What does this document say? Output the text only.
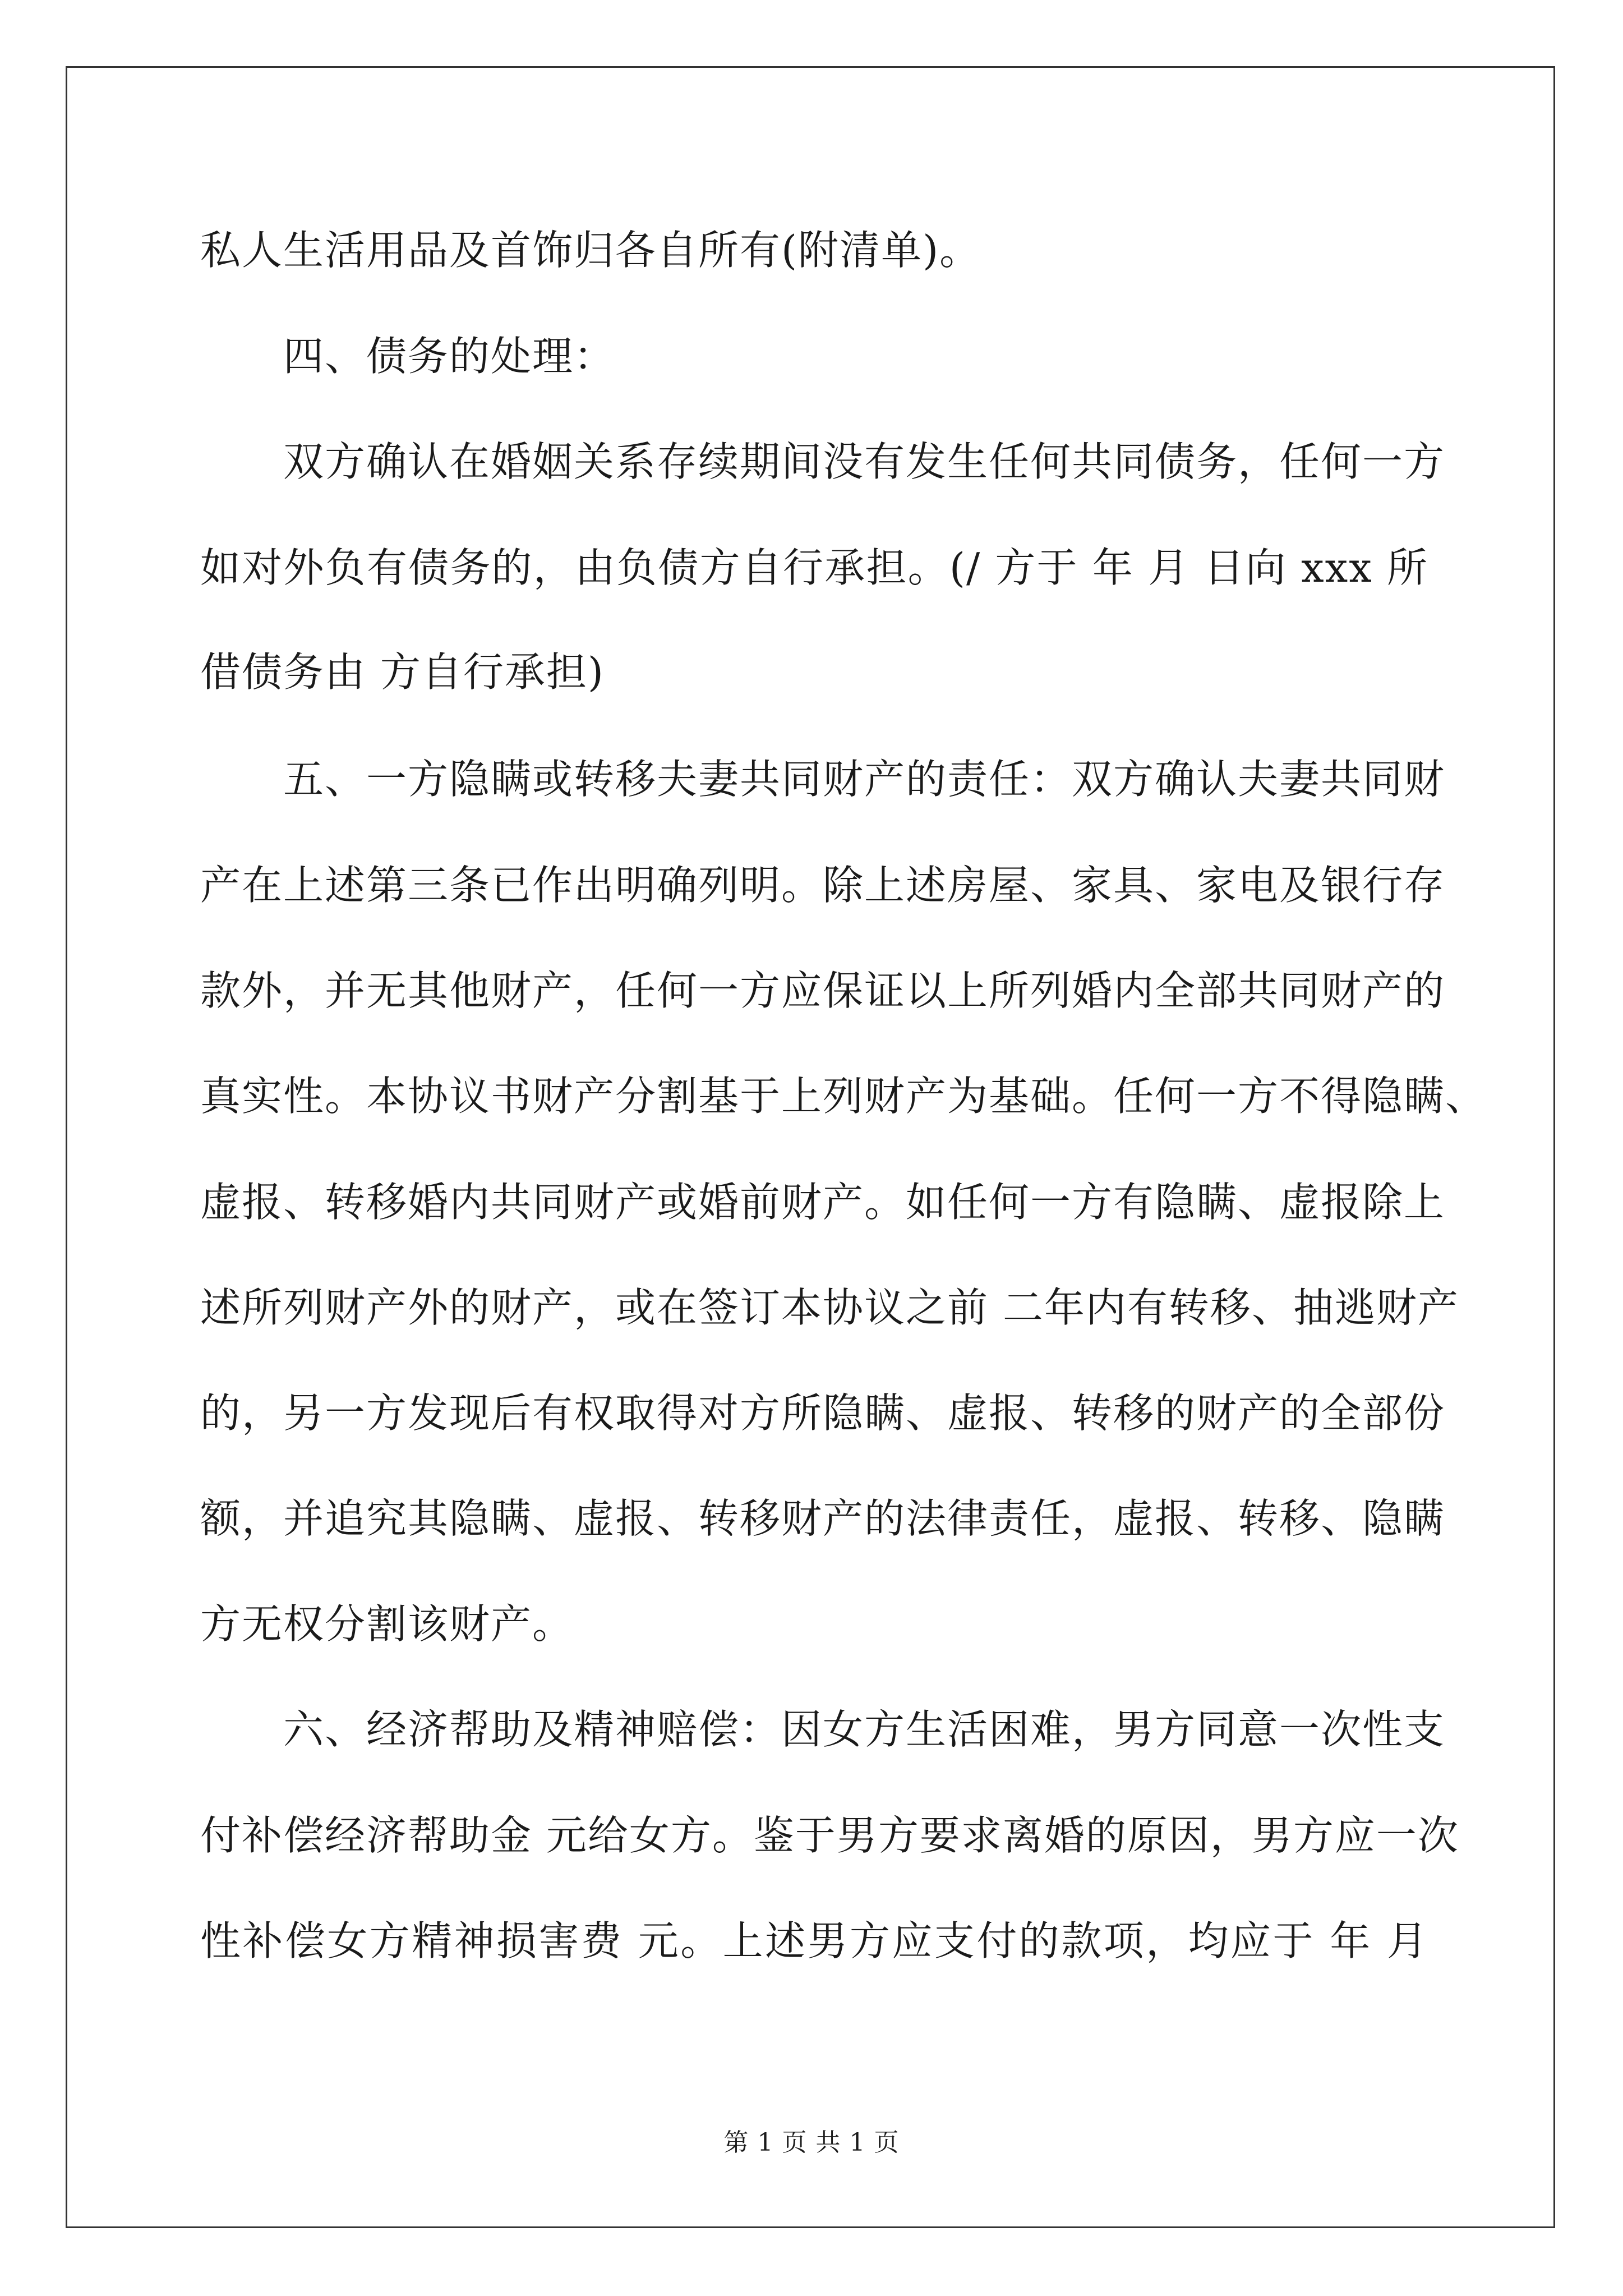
私人生活用品及首饰归各自所有(附清单)。
四、债务的处理：
双方确认在婚姻关系存续期间没有发生任何共同债务，任何一方
如对外负有债务的，由负债方自行承担。(/ 方于 年 月 日向 xxx 所
借债务由 方自行承担)
五、一方隐瞒或转移夫妻共同财产的责任：双方确认夫妻共同财
产在上述第三条已作出明确列明。除上述房屋、家具、家电及银行存
款外，并无其他财产，任何一方应保证以上所列婚内全部共同财产的
真实性。本协议书财产分割基于上列财产为基础。任何一方不得隐瞒、
虚报、转移婚内共同财产或婚前财产。如任何一方有隐瞒、虚报除上
述所列财产外的财产，或在签订本协议之前 二年内有转移、抽逃财产
的，另一方发现后有权取得对方所隐瞒、虚报、转移的财产的全部份
额，并追究其隐瞒、虚报、转移财产的法律责任，虚报、转移、隐瞒
方无权分割该财产。
六、经济帮助及精神赔偿：因女方生活困难，男方同意一次性支
付补偿经济帮助金 元给女方。鉴于男方要求离婚的原因，男方应一次
性补偿女方精神损害费 元。上述男方应支付的款项，均应于 年 月
第 1 页 共 1 页
